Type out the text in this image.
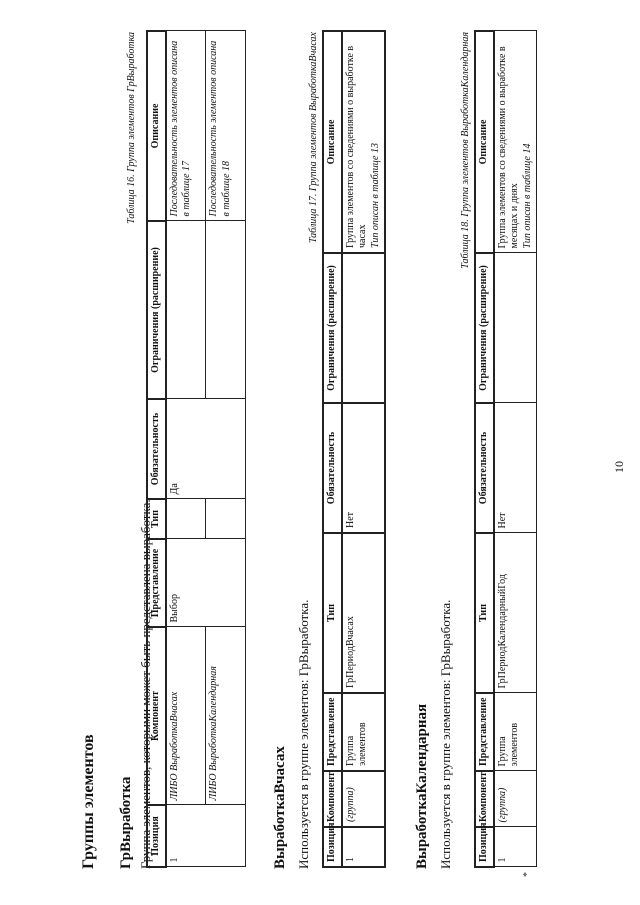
10
Группы элементов ГрВыработка Группа элементов, которыми может быть представлена выработка.
Таблица 16. Группа элементов ГрВыработка
Позиция	Компонент	Представление	Тип	Обязательность	Ограничения (расширение)	Описание
1	ЛИБО ВыработкаВчасах	Выбор		Да		Последовательность элементов описана в таблице 17
	ЛИБО ВыработкаКалендарная					Последовательность элементов описана в таблице 18
ВыработкаВчасах Используется в группе элементов: ГрВыработка.
Таблица 17. Группа элементов ВыработкаВчасах
Позиция	Компонент	Представление	Тип	Обязательность	Ограничения (расширение)	Описание
1	(группа)	Группа элементов	ГрПериодВчасах	Нет		Группа элементов со сведениями о выработке в часах Тип описан в таблице 13
ВыработкаКалендарная Используется в группе элементов: ГрВыработка.
Таблица 18. Группа элементов ВыработкаКалендарная
Позиция	Компонент	Представление	Тип	Обязательность	Ограничения (расширение)	Описание
1	(группа)	Группа элементов	ГрПериодКалендарныйГод	Нет		Группа элементов со сведениями о выработке в месяцах и днях Тип описан в таблице 14
*
